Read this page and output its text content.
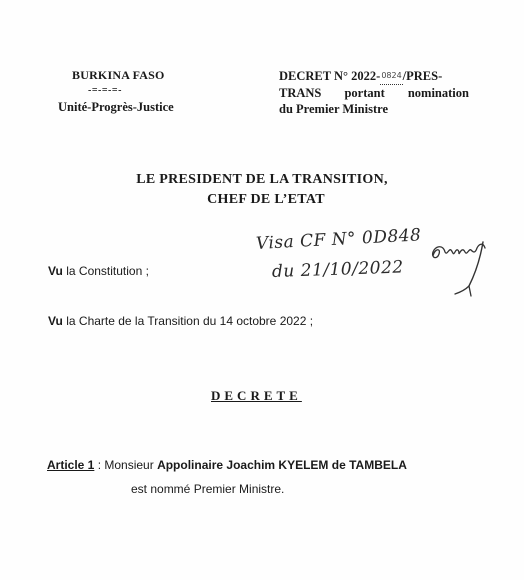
BURKINA FASO
-=-=-=-
Unité-Progrès-Justice
DECRET N° 2022-0824/PRES-
TRANS portant nomination
du Premier Ministre
LE PRESIDENT DE LA TRANSITION,
CHEF DE L’ETAT
Visa CF N° 0D848
du 21/10/2022
Vu la Constitution ;
Vu la Charte de la Transition du 14 octobre 2022 ;
DECRETE
Article 1 : Monsieur Appolinaire Joachim KYELEM de TAMBELA
est nommé Premier Ministre.
